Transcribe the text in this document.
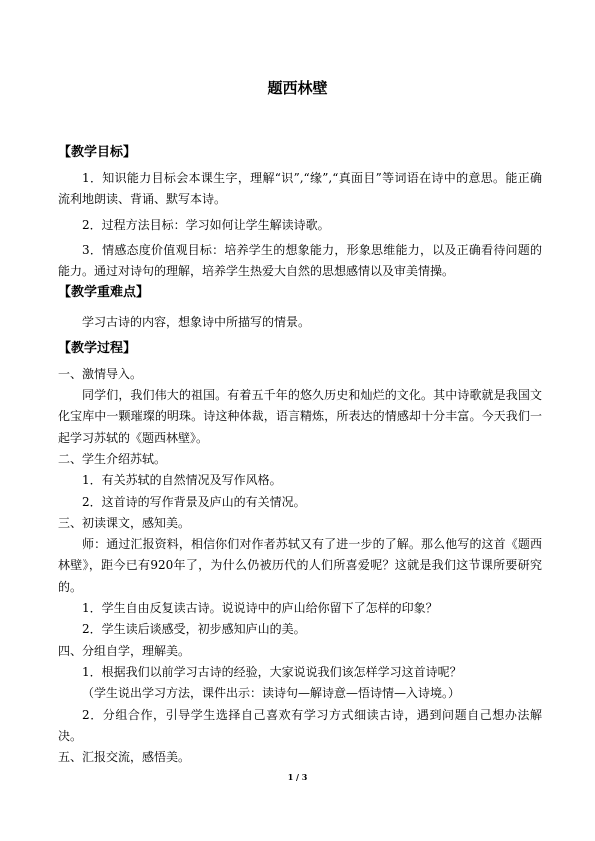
题西林壁

【教学目标】

1．知识能力目标会本课生字，理解“识”,“缘”,“真面目”等词语在诗中的意思。能正确流利地朗读、背诵、默写本诗。

2．过程方法目标：学习如何让学生解读诗歌。

3．情感态度价值观目标：培养学生的想象能力，形象思维能力，以及正确看待问题的能力。通过对诗句的理解，培养学生热爱大自然的思想感情以及审美情操。

【教学重难点】

学习古诗的内容，想象诗中所描写的情景。

【教学过程】

一、激情导入。

同学们，我们伟大的祖国。有着五千年的悠久历史和灿烂的文化。其中诗歌就是我国文化宝库中一颗璀璨的明珠。诗这种体裁，语言精炼，所表达的情感却十分丰富。今天我们一起学习苏轼的《题西林壁》。

二、学生介绍苏轼。

1．有关苏轼的自然情况及写作风格。

2．这首诗的写作背景及庐山的有关情况。

三、初读课文，感知美。

师：通过汇报资料，相信你们对作者苏轼又有了进一步的了解。那么他写的这首《题西林壁》，距今已有920年了，为什么仍被历代的人们所喜爱呢？这就是我们这节课所要研究的。

1．学生自由反复读古诗。说说诗中的庐山给你留下了怎样的印象？

2．学生读后谈感受，初步感知庐山的美。

四、分组自学，理解美。

1．根据我们以前学习古诗的经验，大家说说我们该怎样学习这首诗呢？

（学生说出学习方法，课件出示：读诗句—解诗意—悟诗情—入诗境。）

2．分组合作，引导学生选择自己喜欢有学习方式细读古诗，遇到问题自己想办法解决。

五、汇报交流，感悟美。

1 / 3
